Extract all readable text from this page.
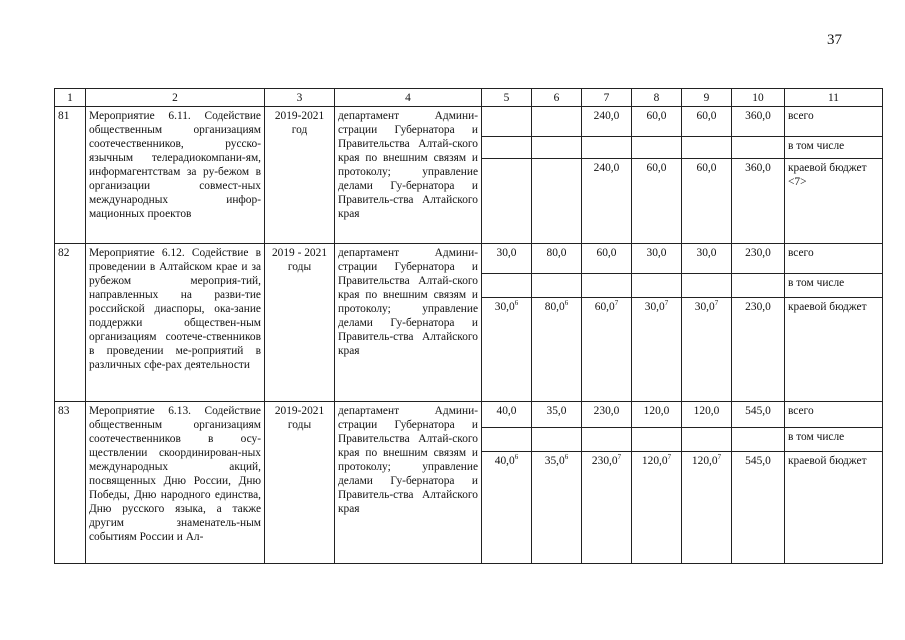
37
1	2	3	4	5	6	7	8	9	10	11
81	Мероприятие 6.11. Содействие общественным организациям соотечественников, русско-язычным телерадиокомпани-ям, информагентствам за ру-бежом в организации совмест-ных международных инфор-мационных проектов	2019-2021 год	департамент Админи-страции Губернатора и Правительства Алтай-ского края по внешним связям и протоколу; управление делами Гу-бернатора и Правитель-ства Алтайского края			240,0	60,0	60,0	360,0	всего
										в том числе
						240,0	60,0	60,0	360,0	краевой бюджет <7>
82	Мероприятие 6.12. Содействие в проведении в Алтайском крае и за рубежом мероприя-тий, направленных на разви-тие российской диаспоры, ока-зание поддержки обществен-ным организациям соотече-ственников в проведении ме-роприятий в различных сфе-рах деятельности	2019 - 2021 годы	департамент Админи-страции Губернатора и Правительства Алтай-ского края по внешним связям и протоколу; управление делами Гу-бернатора и Правитель-ства Алтайского края	30,0	80,0	60,0	30,0	30,0	230,0	всего
										в том числе
				30,0$^6$	80,0$^6$	60,0$^7$	30,0$^7$	30,0$^7$	230,0	краевой бюджет
83	Мероприятие 6.13. Содействие общественным организациям соотечественников в осу-ществлении скоординирован-ных международных акций, посвященных Дню России, Дню Победы, Дню народного единства, Дню русского языка, а также другим знаменатель-ным событиям России и Ал-	2019-2021 годы	департамент Админи-страции Губернатора и Правительства Алтай-ского края по внешним связям и протоколу; управление делами Гу-бернатора и Правитель-ства Алтайского края	40,0	35,0	230,0	120,0	120,0	545,0	всего
										в том числе
				40,0$^6$	35,0$^6$	230,0$^7$	120,0$^7$	120,0$^7$	545,0	краевой бюджет
